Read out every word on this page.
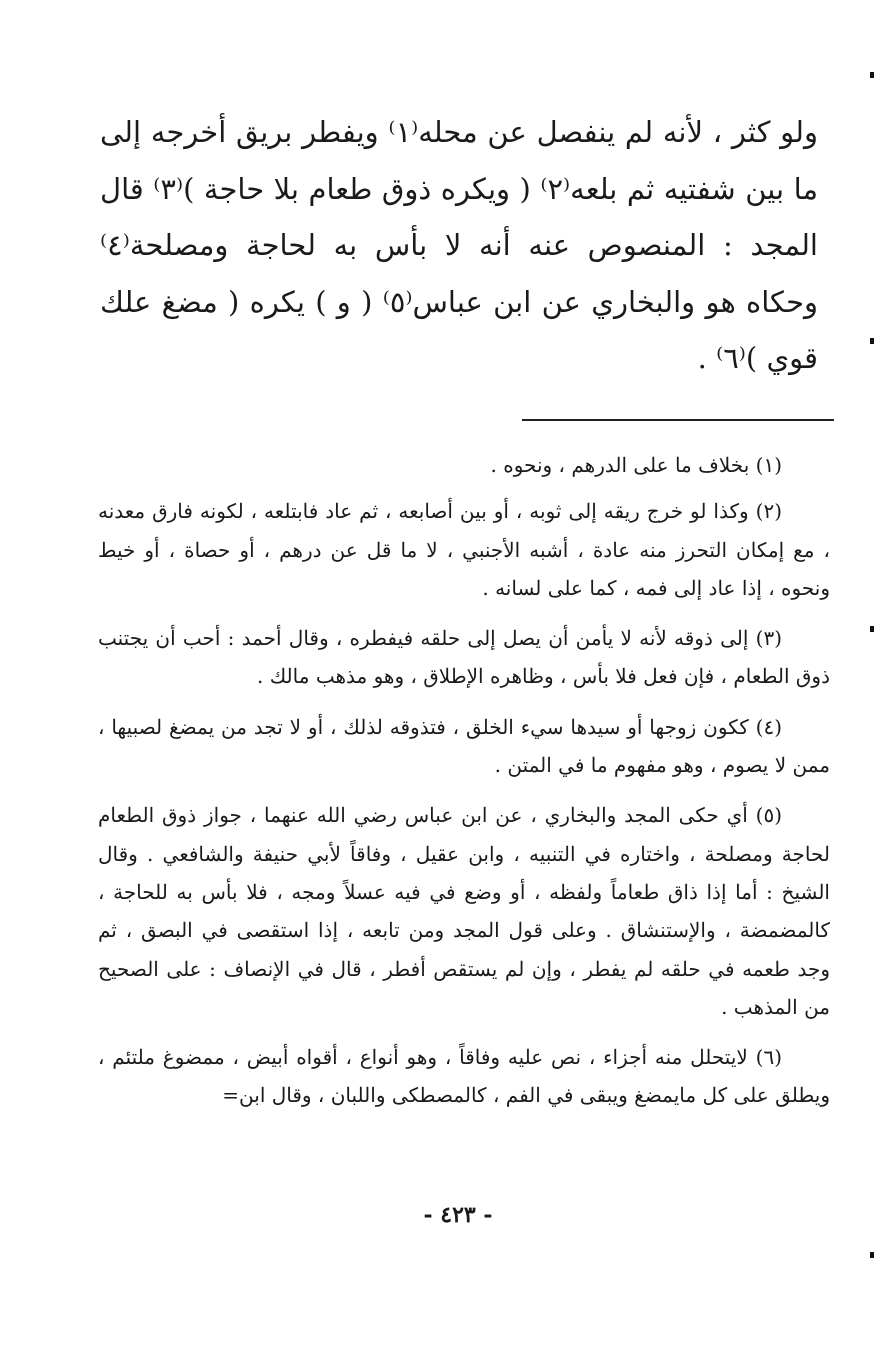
ولو كثر ، لأنه لم ينفصل عن محله⁽١⁾ ويفطر بريق أخرجه إلى ما بين شفتيه ثم بلعه⁽٢⁾ ( ويكره ذوق طعام بلا حاجة )⁽٣⁾ قال المجد : المنصوص عنه أنه لا بأس به لحاجة ومصلحة⁽٤⁾ وحكاه هو والبخاري عن ابن عباس⁽٥⁾ ( و ) يكره ( مضغ علك قوي )⁽٦⁾ .

(١) بخلاف ما على الدرهم ، ونحوه .

(٢) وكذا لو خرج ريقه إلى ثوبه ، أو بين أصابعه ، ثم عاد فابتلعه ، لكونه فارق معدنه ، مع إمكان التحرز منه عادة ، أشبه الأجنبي ، لا ما قل عن درهم ، أو حصاة ، أو خيط ونحوه ، إذا عاد إلى فمه ، كما على لسانه .

(٣) إلى ذوقه لأنه لا يأمن أن يصل إلى حلقه فيفطره ، وقال أحمد : أحب أن يجتنب ذوق الطعام ، فإن فعل فلا بأس ، وظاهره الإطلاق ، وهو مذهب مالك .

(٤) ككون زوجها أو سيدها سيء الخلق ، فتذوقه لذلك ، أو لا تجد من يمضغ لصبيها ، ممن لا يصوم ، وهو مفهوم ما في المتن .

(٥) أي حكى المجد والبخاري ، عن ابن عباس رضي الله عنهما ، جواز ذوق الطعام لحاجة ومصلحة ، واختاره في التنبيه ، وابن عقيل ، وفاقاً لأبي حنيفة والشافعي . وقال الشيخ : أما إذا ذاق طعاماً ولفظه ، أو وضع في فيه عسلاً ومجه ، فلا بأس به للحاجة ، كالمضمضة ، والإستنشاق . وعلى قول المجد ومن تابعه ، إذا استقصى في البصق ، ثم وجد طعمه في حلقه لم يفطر ، وإن لم يستقص أفطر ، قال في الإنصاف : على الصحيح من المذهب .

(٦) لايتحلل منه أجزاء ، نص عليه وفاقاً ، وهو أنواع ، أقواه أبيض ، ممضوغ ملتئم ، ويطلق على كل مايمضغ ويبقى في الفم ، كالمصطكى واللبان ، وقال ابن=

- ٤٢٣ -
